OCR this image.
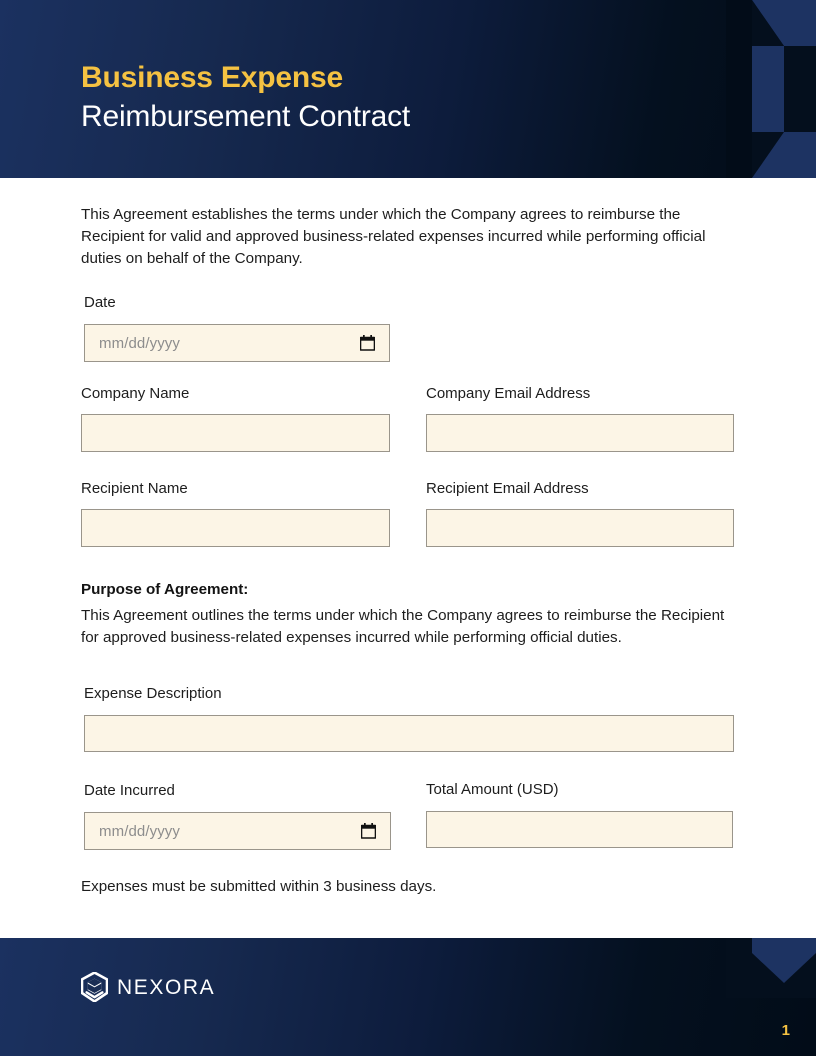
Business Expense
Reimbursement Contract

This Agreement establishes the terms under which the Company agrees to reimburse the Recipient for valid and approved business-related expenses incurred while performing official duties on behalf of the Company.

Date
mm/dd/yyyy
Company Name	Company Email Address
Recipient Name	Recipient Email Address
Purpose of Agreement:

This Agreement outlines the terms under which the Company agrees to reimburse the Recipient for approved business-related expenses incurred while performing official duties.

Expense Description
Date Incurred
mm/dd/yyyy
Total Amount (USD)
Expenses must be submitted within 3 business days.
NEXORA
1
